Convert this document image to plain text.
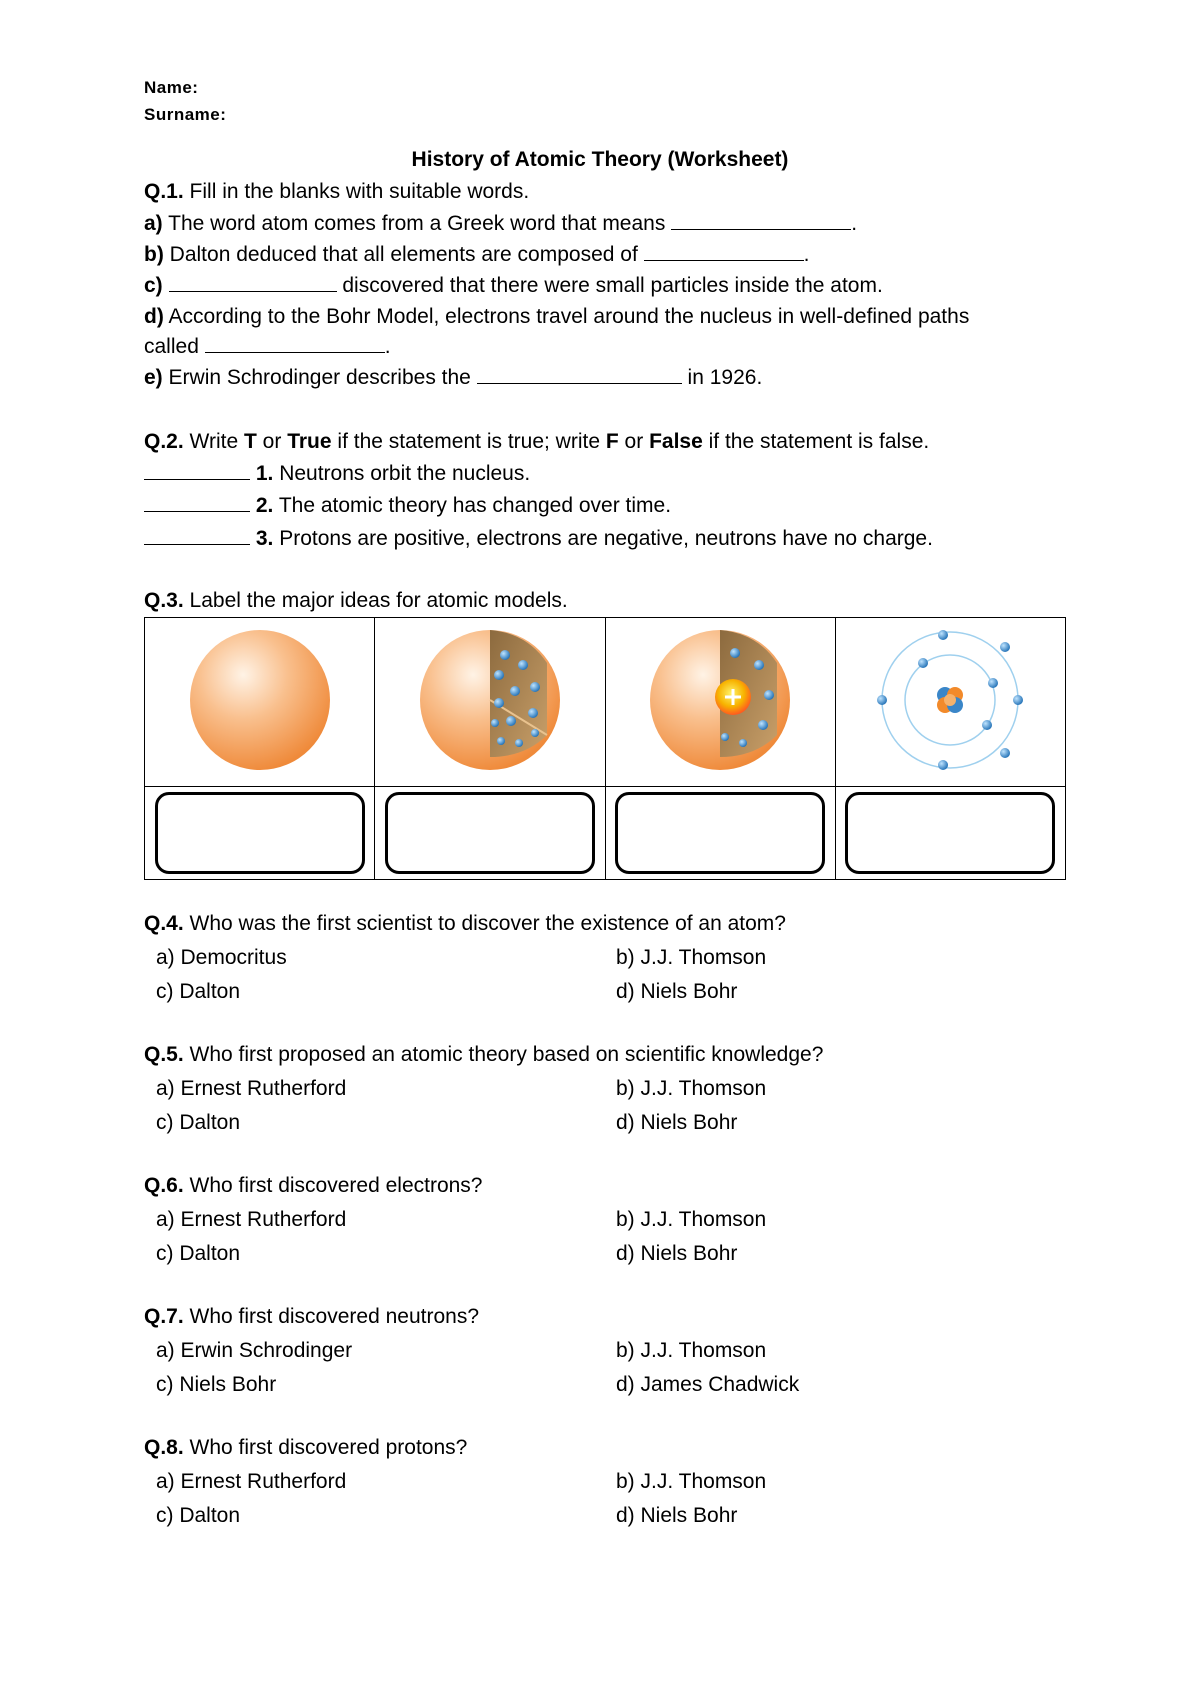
Name:
Surname:
History of Atomic Theory (Worksheet)
Q.1. Fill in the blanks with suitable words.
a) The word atom comes from a Greek word that means	.
b) Dalton deduced that all elements are composed of	.
c)	discovered that there were small particles inside the atom.
d) According to the Bohr Model, electrons travel around the nucleus in well-defined paths
called	.
e) Erwin Schrodinger describes the	in 1926.
Q.2. Write T or True if the statement is true; write F or False if the statement is false.
1. Neutrons orbit the nucleus.
2. The atomic theory has changed over time.
3. Protons are positive, electrons are negative, neutrons have no charge.
Q.3. Label the major ideas for atomic models.

Q.4. Who was the first scientist to discover the existence of an atom?
a) Democritus	b) J.J. Thomson
c) Dalton	d) Niels Bohr
Q.5. Who first proposed an atomic theory based on scientific knowledge?
a) Ernest Rutherford	b) J.J. Thomson
c) Dalton	d) Niels Bohr
Q.6. Who first discovered electrons?
a) Ernest Rutherford	b) J.J. Thomson
c) Dalton	d) Niels Bohr
Q.7. Who first discovered neutrons?
a) Erwin Schrodinger	b) J.J. Thomson
c) Niels Bohr	d) James Chadwick
Q.8. Who first discovered protons?
a) Ernest Rutherford	b) J.J. Thomson
c) Dalton	d) Niels Bohr
